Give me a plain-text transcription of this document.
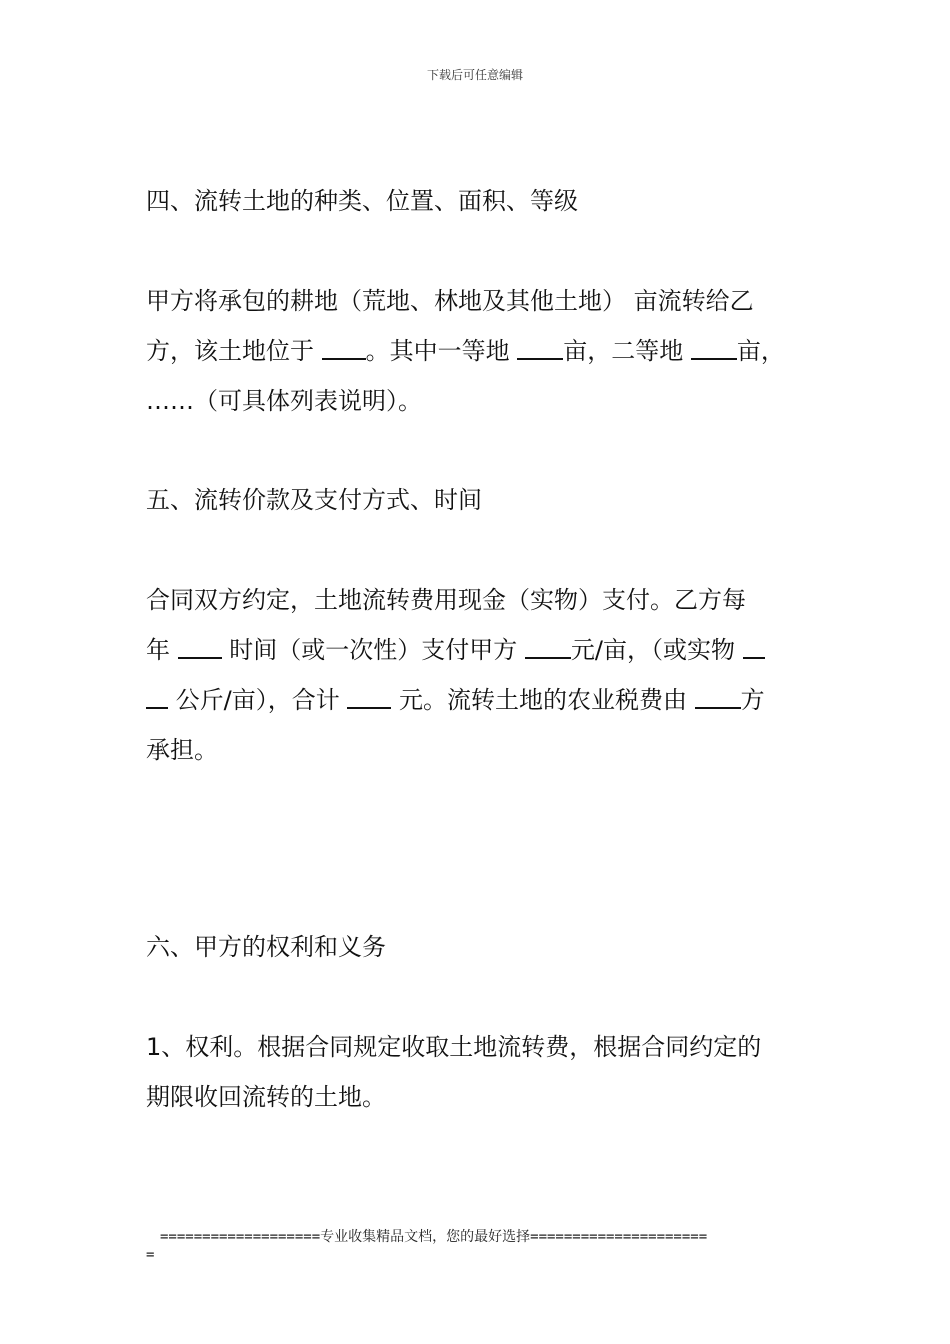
下载后可任意编辑

四、流转土地的种类、位置、面积、等级

甲方将承包的耕地（荒地、林地及其他土地） 亩流转给乙

方，该土地位于 。其中一等地 亩，二等地 亩，

……（可具体列表说明）。

五、流转价款及支付方式、时间

合同双方约定，土地流转费用现金（实物）支付。乙方每

年  时间（或一次性）支付甲方 元/亩，（或实物

公斤/亩），合计  元。流转土地的农业税费由 方

承担。

六、甲方的权利和义务

1、权利。根据合同规定收取土地流转费，根据合同约定的

期限收回流转的土地。

===================专业收集精品文档，您的最好选择=====================
=
